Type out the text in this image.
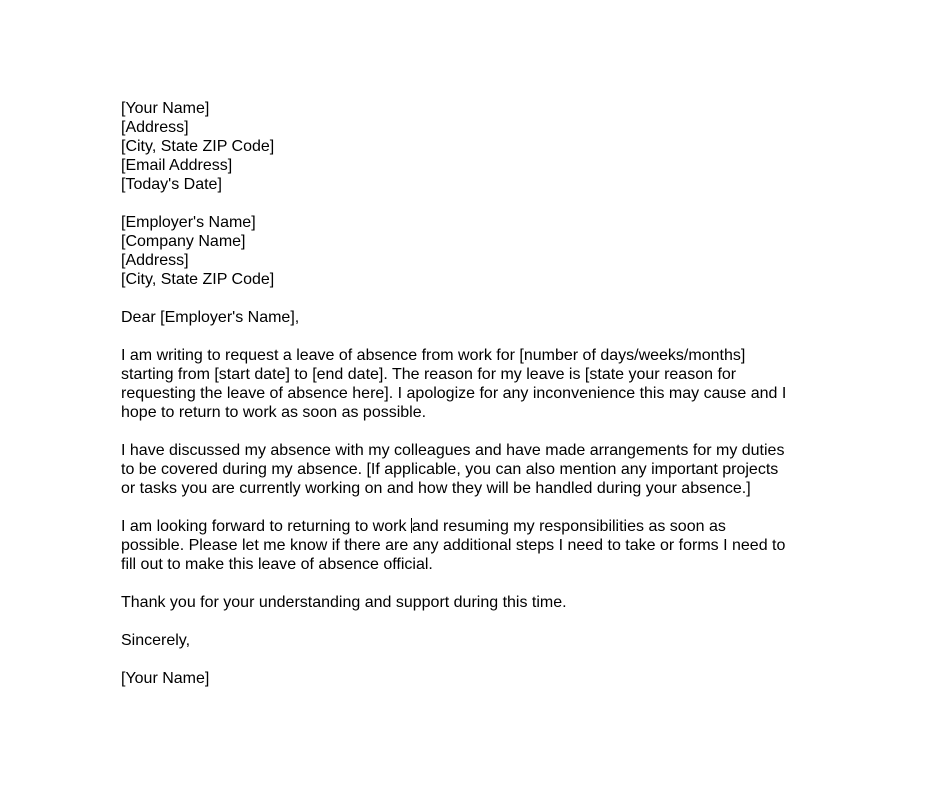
[Your Name]
[Address]
[City, State ZIP Code]
[Email Address]
[Today's Date]
[Employer's Name]
[Company Name]
[Address]
[City, State ZIP Code]
Dear [Employer's Name],
I am writing to request a leave of absence from work for [number of days/weeks/months]
starting from [start date] to [end date]. The reason for my leave is [state your reason for
requesting the leave of absence here]. I apologize for any inconvenience this may cause and I
hope to return to work as soon as possible.
I have discussed my absence with my colleagues and have made arrangements for my duties
to be covered during my absence. [If applicable, you can also mention any important projects
or tasks you are currently working on and how they will be handled during your absence.]
I am looking forward to returning to work and resuming my responsibilities as soon as
possible. Please let me know if there are any additional steps I need to take or forms I need to
fill out to make this leave of absence official.
Thank you for your understanding and support during this time.
Sincerely,
[Your Name]
